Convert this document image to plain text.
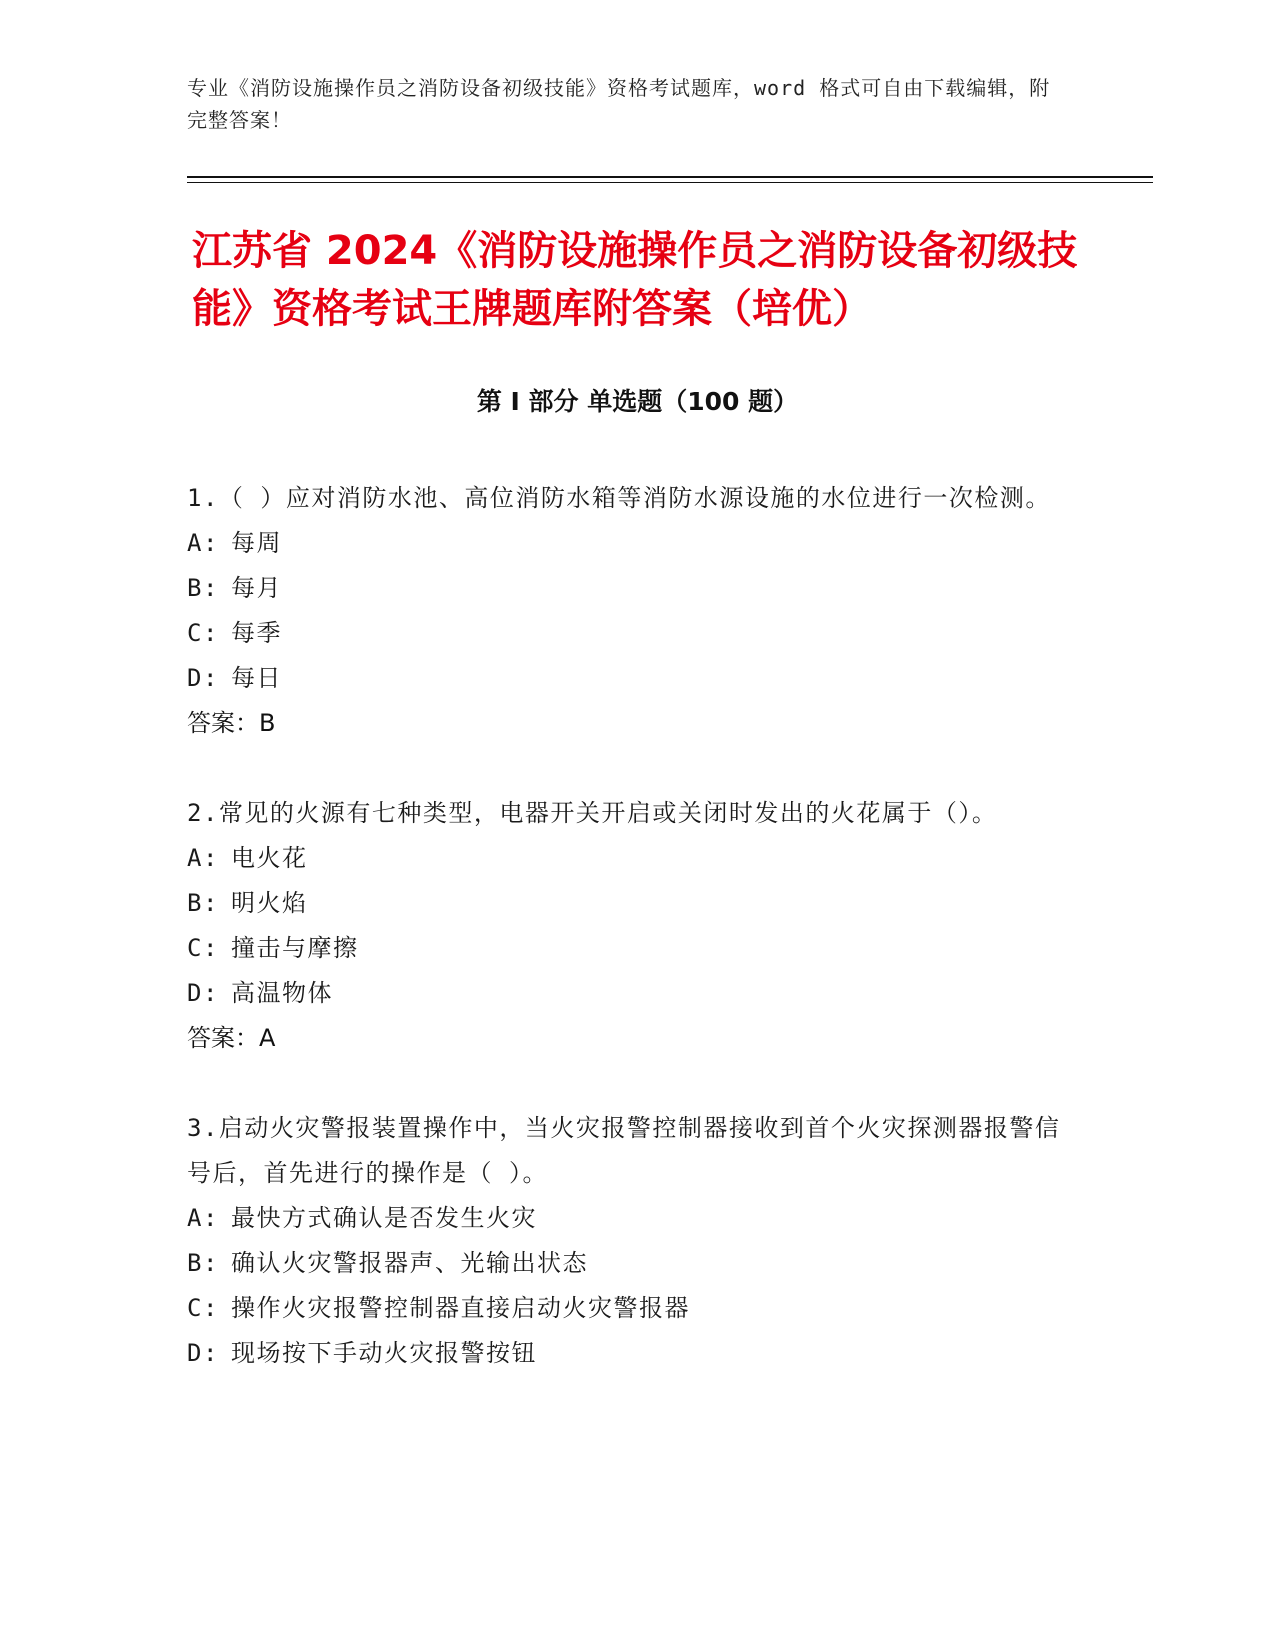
专业《消防设施操作员之消防设备初级技能》资格考试题库，word 格式可自由下载编辑，附完整答案！
江苏省 2024《消防设施操作员之消防设备初级技能》资格考试王牌题库附答案（培优）
第 I 部分 单选题（100 题）
1.（ ）应对消防水池、高位消防水箱等消防水源设施的水位进行一次检测。
A: 每周
B: 每月
C: 每季
D: 每日
答案：B
2.常见的火源有七种类型，电器开关开启或关闭时发出的火花属于（）。
A: 电火花
B: 明火焰
C: 撞击与摩擦
D: 高温物体
答案：A
3.启动火灾警报装置操作中，当火灾报警控制器接收到首个火灾探测器报警信号后，首先进行的操作是（ ）。
A: 最快方式确认是否发生火灾
B: 确认火灾警报器声、光输出状态
C: 操作火灾报警控制器直接启动火灾警报器
D: 现场按下手动火灾报警按钮
